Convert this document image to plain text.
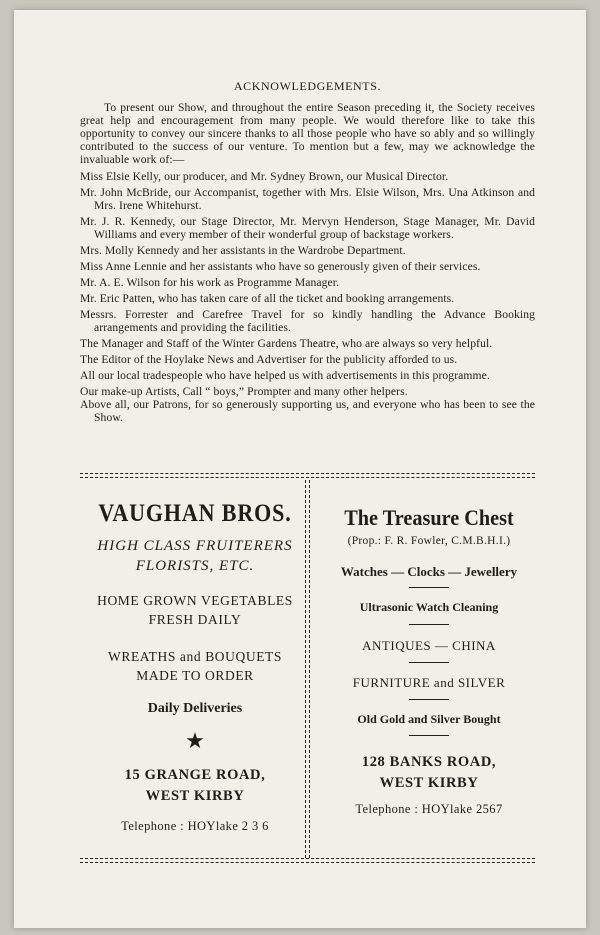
ACKNOWLEDGEMENTS.

To present our Show, and throughout the entire Season preceding it, the Society receives great help and encouragement from many people. We would therefore like to take this opportunity to convey our sincere thanks to all those people who have so ably and so willingly contributed to the success of our venture. To mention but a few, may we acknowledge the invaluable work of:—

Miss Elsie Kelly, our producer, and Mr. Sydney Brown, our Musical Director.

Mr. John McBride, our Accompanist, together with Mrs. Elsie Wilson, Mrs. Una Atkinson and Mrs. Irene Whitehurst.

Mr. J. R. Kennedy, our Stage Director, Mr. Mervyn Henderson, Stage Manager, Mr. David Williams and every member of their wonderful group of backstage workers.

Mrs. Molly Kennedy and her assistants in the Wardrobe Department.

Miss Anne Lennie and her assistants who have so generously given of their services.

Mr. A. E. Wilson for his work as Programme Manager.

Mr. Eric Patten, who has taken care of all the ticket and booking arrangements.

Messrs. Forrester and Carefree Travel for so kindly handling the Advance Booking arrangements and providing the facilities.

The Manager and Staff of the Winter Gardens Theatre, who are always so very helpful.

The Editor of the Hoylake News and Advertiser for the publicity afforded to us.

All our local tradespeople who have helped us with advertisements in this programme.

Our make-up Artists, Call “ boys,” Prompter and many other helpers.

Above all, our Patrons, for so generously supporting us, and everyone who has been to see the Show.

VAUGHAN BROS.
HIGH CLASS FRUITERERS
FLORISTS, ETC.
HOME GROWN VEGETABLES
FRESH DAILY
WREATHS and BOUQUETS
MADE TO ORDER
Daily Deliveries
★
15 GRANGE ROAD,
WEST KIRBY
Telephone : HOYlake 2 3 6
The Treasure Chest
(Prop.: F. R. Fowler, C.M.B.H.I.)
Watches — Clocks — Jewellery
Ultrasonic Watch Cleaning
ANTIQUES — CHINA
FURNITURE and SILVER
Old Gold and Silver Bought
128 BANKS ROAD,
WEST KIRBY
Telephone : HOYlake 2567
